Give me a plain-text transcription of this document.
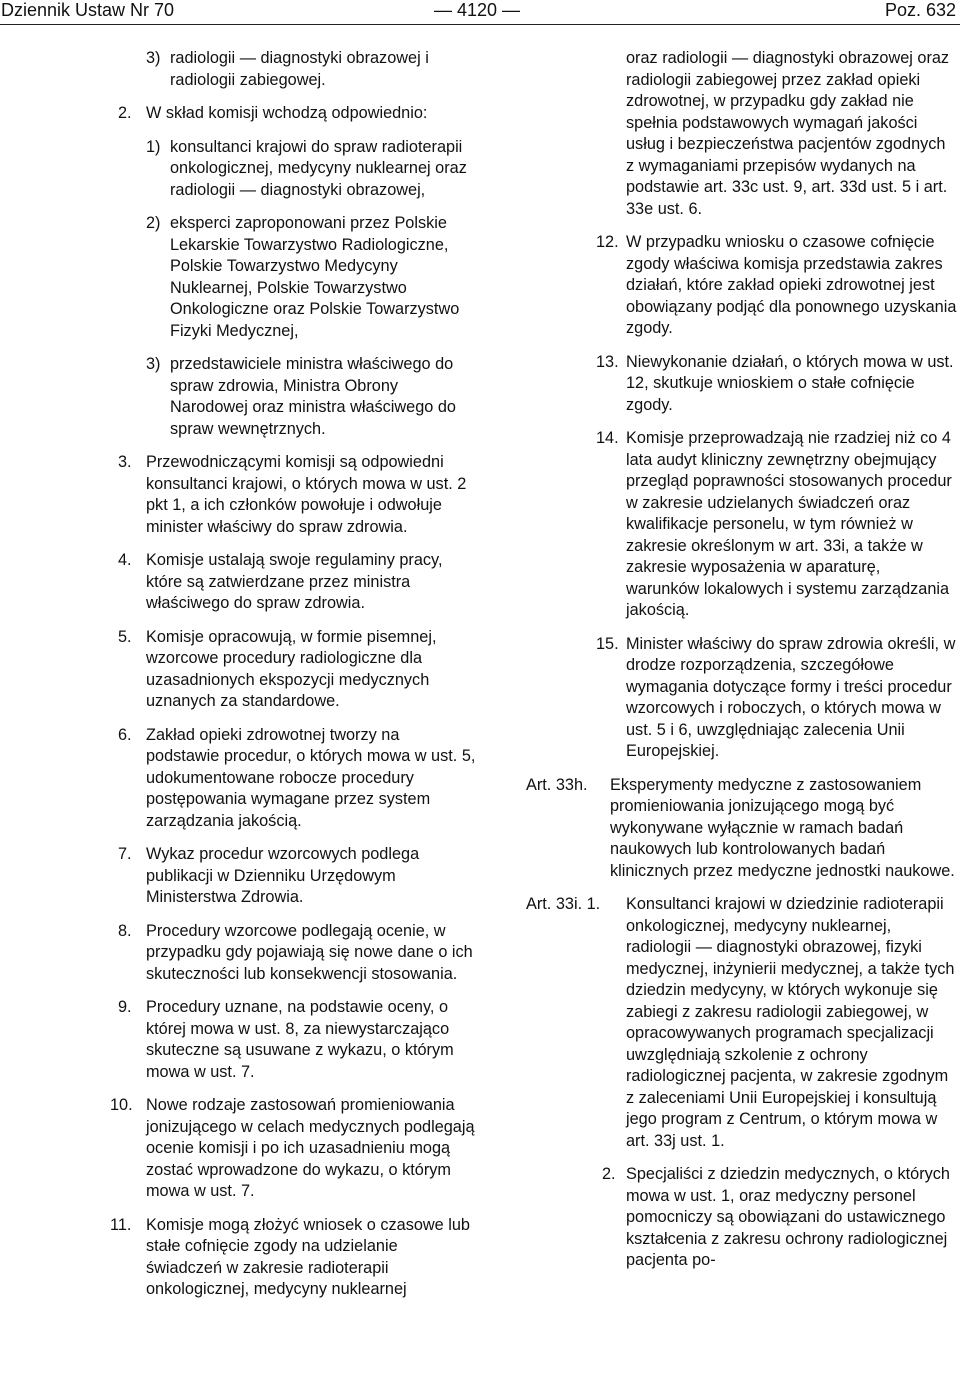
Dziennik Ustaw Nr 70	— 4120 —	Poz. 632
3) radiologii — diagnostyki obrazowej i radiologii zabiegowej.
2. W skład komisji wchodzą odpowiednio:
1) konsultanci krajowi do spraw radioterapii onkologicznej, medycyny nuklearnej oraz radiologii — diagnostyki obrazowej,
2) eksperci zaproponowani przez Polskie Lekarskie Towarzystwo Radiologiczne, Polskie Towarzystwo Medycyny Nuklearnej, Polskie Towarzystwo Onkologiczne oraz Polskie Towarzystwo Fizyki Medycznej,
3) przedstawiciele ministra właściwego do spraw zdrowia, Ministra Obrony Narodowej oraz ministra właściwego do spraw wewnętrznych.
3. Przewodniczącymi komisji są odpowiedni konsultanci krajowi, o których mowa w ust. 2 pkt 1, a ich członków powołuje i odwołuje minister właściwy do spraw zdrowia.
4. Komisje ustalają swoje regulaminy pracy, które są zatwierdzane przez ministra właściwego do spraw zdrowia.
5. Komisje opracowują, w formie pisemnej, wzorcowe procedury radiologiczne dla uzasadnionych ekspozycji medycznych uznanych za standardowe.
6. Zakład opieki zdrowotnej tworzy na podstawie procedur, o których mowa w ust. 5, udokumentowane robocze procedury postępowania wymagane przez system zarządzania jakością.
7. Wykaz procedur wzorcowych podlega publikacji w Dzienniku Urzędowym Ministerstwa Zdrowia.
8. Procedury wzorcowe podlegają ocenie, w przypadku gdy pojawiają się nowe dane o ich skuteczności lub konsekwencji stosowania.
9. Procedury uznane, na podstawie oceny, o której mowa w ust. 8, za niewystarczająco skuteczne są usuwane z wykazu, o którym mowa w ust. 7.
10. Nowe rodzaje zastosowań promieniowania jonizującego w celach medycznych podlegają ocenie komisji i po ich uzasadnieniu mogą zostać wprowadzone do wykazu, o którym mowa w ust. 7.
11. Komisje mogą złożyć wniosek o czasowe lub stałe cofnięcie zgody na udzielanie świadczeń w zakresie radioterapii onkologicznej, medycyny nuklearnej
oraz radiologii — diagnostyki obrazowej oraz radiologii zabiegowej przez zakład opieki zdrowotnej, w przypadku gdy zakład nie spełnia podstawowych wymagań jakości usług i bezpieczeństwa pacjentów zgodnych z wymaganiami przepisów wydanych na podstawie art. 33c ust. 9, art. 33d ust. 5 i art. 33e ust. 6.
12. W przypadku wniosku o czasowe cofnięcie zgody właściwa komisja przedstawia zakres działań, które zakład opieki zdrowotnej jest obowiązany podjąć dla ponownego uzyskania zgody.
13. Niewykonanie działań, o których mowa w ust. 12, skutkuje wnioskiem o stałe cofnięcie zgody.
14. Komisje przeprowadzają nie rzadziej niż co 4 lata audyt kliniczny zewnętrzny obejmujący przegląd poprawności stosowanych procedur w zakresie udzielanych świadczeń oraz kwalifikacje personelu, w tym również w zakresie określonym w art. 33i, a także w zakresie wyposażenia w aparaturę, warunków lokalowych i systemu zarządzania jakością.
15. Minister właściwy do spraw zdrowia określi, w drodze rozporządzenia, szczegółowe wymagania dotyczące formy i treści procedur wzorcowych i roboczych, o których mowa w ust. 5 i 6, uwzględniając zalecenia Unii Europejskiej.
Art. 33h. Eksperymenty medyczne z zastosowaniem promieniowania jonizującego mogą być wykonywane wyłącznie w ramach badań naukowych lub kontrolowanych badań klinicznych przez medyczne jednostki naukowe.
Art. 33i. 1. Konsultanci krajowi w dziedzinie radioterapii onkologicznej, medycyny nuklearnej, radiologii — diagnostyki obrazowej, fizyki medycznej, inżynierii medycznej, a także tych dziedzin medycyny, w których wykonuje się zabiegi z zakresu radiologii zabiegowej, w opracowywanych programach specjalizacji uwzględniają szkolenie z ochrony radiologicznej pacjenta, w zakresie zgodnym z zaleceniami Unii Europejskiej i konsultują jego program z Centrum, o którym mowa w art. 33j ust. 1.
2. Specjaliści z dziedzin medycznych, o których mowa w ust. 1, oraz medyczny personel pomocniczy są obowiązani do ustawicznego kształcenia z zakresu ochrony radiologicznej pacjenta po-
